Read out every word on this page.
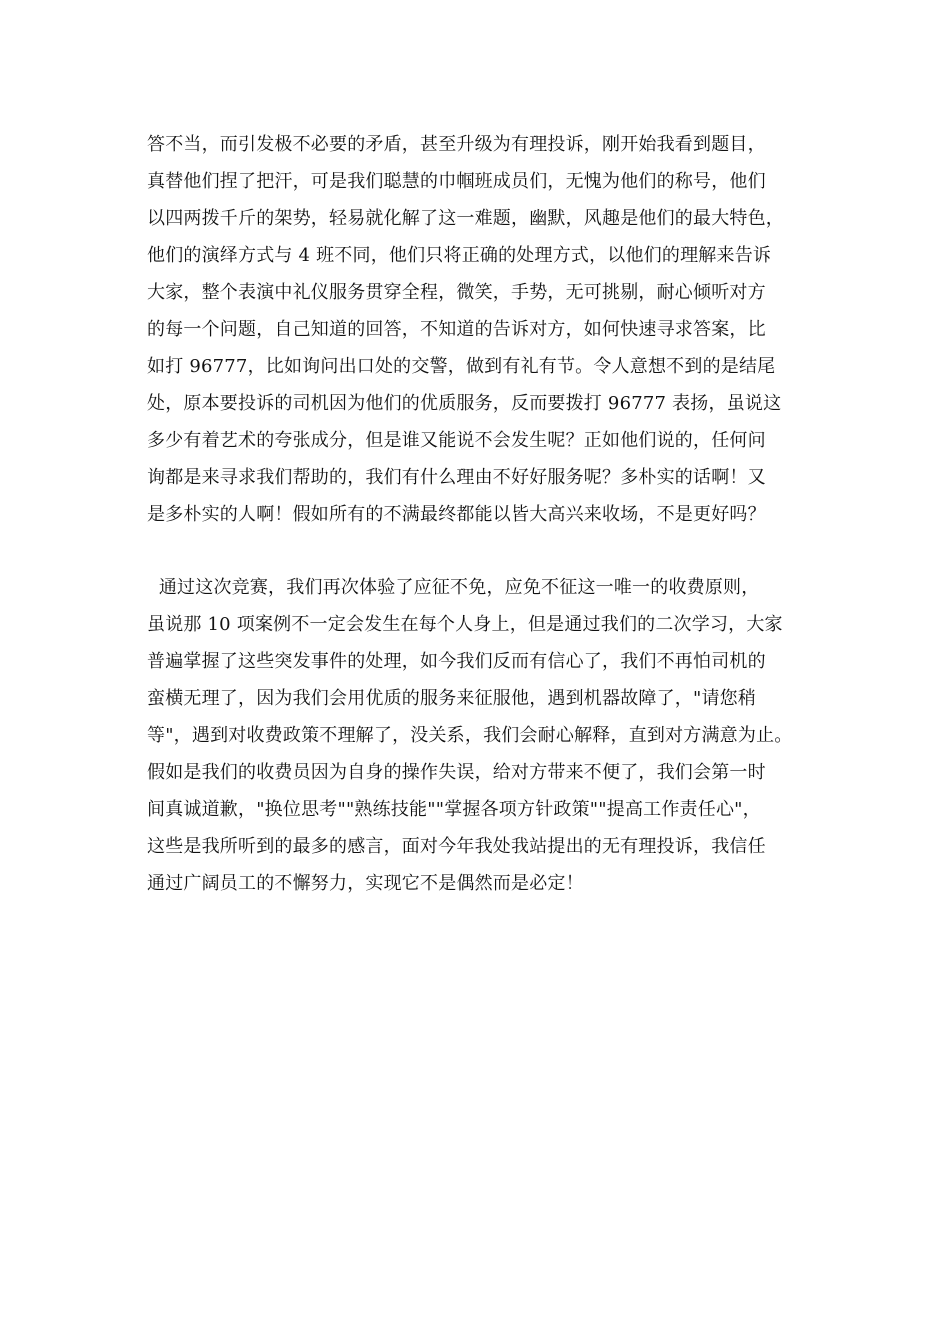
答不当，而引发极不必要的矛盾，甚至升级为有理投诉，刚开始我看到题目，
真替他们捏了把汗，可是我们聪慧的巾帼班成员们，无愧为他们的称号，他们
以四两拨千斤的架势，轻易就化解了这一难题，幽默，风趣是他们的最大特色，
他们的演绎方式与 4 班不同，他们只将正确的处理方式，以他们的理解来告诉
大家，整个表演中礼仪服务贯穿全程，微笑，手势，无可挑剔，耐心倾听对方
的每一个问题，自己知道的回答，不知道的告诉对方，如何快速寻求答案，比
如打 96777，比如询问出口处的交警，做到有礼有节。令人意想不到的是结尾
处，原本要投诉的司机因为他们的优质服务，反而要拨打 96777 表扬，虽说这
多少有着艺术的夸张成分，但是谁又能说不会发生呢？正如他们说的，任何问
询都是来寻求我们帮助的，我们有什么理由不好好服务呢？多朴实的话啊！又
是多朴实的人啊！假如所有的不满最终都能以皆大高兴来收场，不是更好吗？
通过这次竞赛，我们再次体验了应征不免，应免不征这一唯一的收费原则，
虽说那 10 项案例不一定会发生在每个人身上，但是通过我们的二次学习，大家
普遍掌握了这些突发事件的处理，如今我们反而有信心了，我们不再怕司机的
蛮横无理了，因为我们会用优质的服务来征服他，遇到机器故障了，"请您稍
等"，遇到对收费政策不理解了，没关系，我们会耐心解释，直到对方满意为止。
假如是我们的收费员因为自身的操作失误，给对方带来不便了，我们会第一时
间真诚道歉，"换位思考""熟练技能""掌握各项方针政策""提高工作责任心"，
这些是我所听到的最多的感言，面对今年我处我站提出的无有理投诉，我信任
通过广阔员工的不懈努力，实现它不是偶然而是必定！
